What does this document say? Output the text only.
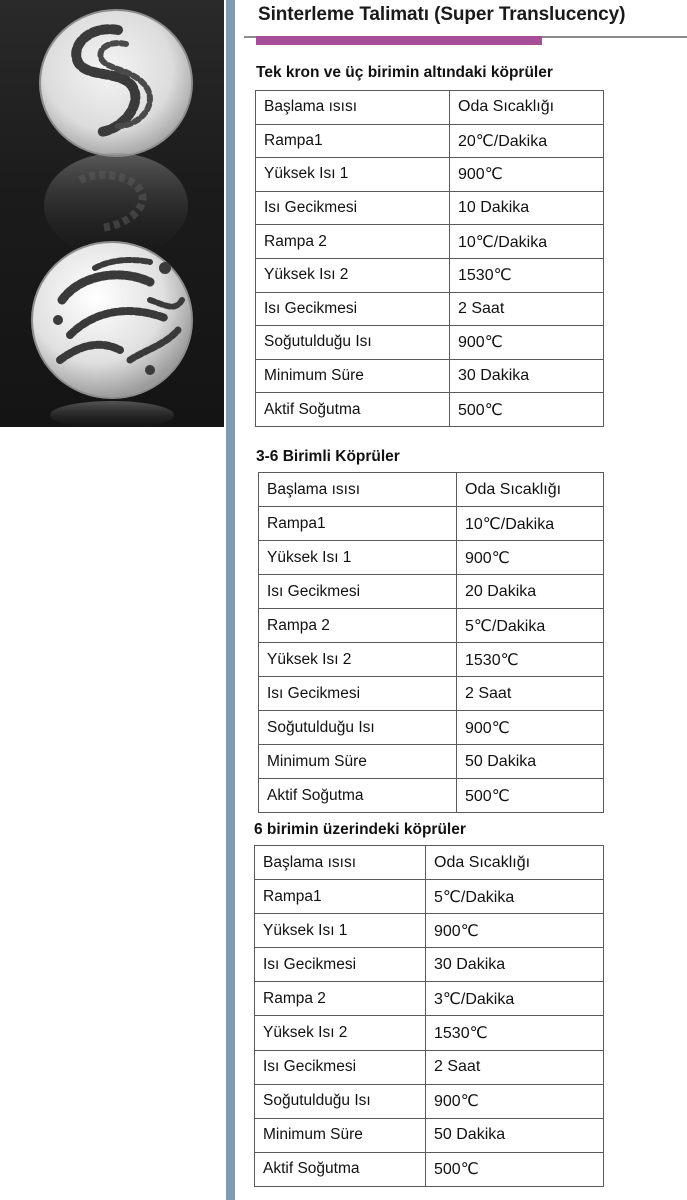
Sinterleme Talimatı (Super Translucency)
Tek kron ve üç birimin altındaki köprüler
Başlama ısısı	Oda Sıcaklığı
Rampa1	20℃/Dakika
Yüksek Isı 1	900℃
Isı Gecikmesi	10 Dakika
Rampa 2	10℃/Dakika
Yüksek Isı 2	1530℃
Isı Gecikmesi	2 Saat
Soğutulduğu Isı	900℃
Minimum Süre	30 Dakika
Aktif Soğutma	500℃
3-6 Birimli Köprüler
Başlama ısısı	Oda Sıcaklığı
Rampa1	10℃/Dakika
Yüksek Isı 1	900℃
Isı Gecikmesi	20 Dakika
Rampa 2	5℃/Dakika
Yüksek Isı 2	1530℃
Isı Gecikmesi	2 Saat
Soğutulduğu Isı	900℃
Minimum Süre	50 Dakika
Aktif Soğutma	500℃
6 birimin üzerindeki köprüler
Başlama ısısı	Oda Sıcaklığı
Rampa1	5℃/Dakika
Yüksek Isı 1	900℃
Isı Gecikmesi	30 Dakika
Rampa 2	3℃/Dakika
Yüksek Isı 2	1530℃
Isı Gecikmesi	2 Saat
Soğutulduğu Isı	900℃
Minimum Süre	50 Dakika
Aktif Soğutma	500℃
